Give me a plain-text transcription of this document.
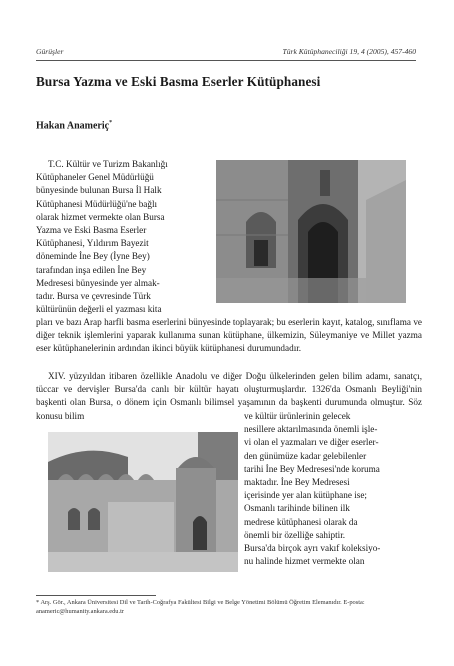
Gürüşler	Türk Kütüphaneciliği 19, 4 (2005), 457-460
Bursa Yazma ve Eski Basma Eserler Kütüphanesi
Hakan Anameriç*

T.C. Kültür ve Turizm Bakanlığı

Kütüphaneler Genel Müdürlüğü

bünyesinde bulunan Bursa İl Halk

Kütüphanesi Müdürlüğü'ne bağlı

olarak hizmet vermekte olan Bursa

Yazma ve Eski Basma Eserler

Kütüphanesi, Yıldırım Bayezit

döneminde İne Bey (İyne Bey)

tarafından inşa edilen İne Bey

Medresesi bünyesinde yer almak-

tadır. Bursa ve çevresinde Türk

kültürünün değerli el yazması kita

pları ve bazı Arap harfli basma eserlerini bünyesinde toplayarak; bu eserlerin kayıt, katalog, sınıflama ve diğer teknik işlemlerini yaparak kullanıma sunan kütüphane, ülkemizin, Süleymaniye ve Millet yazma eser kütüphanelerinin ardından ikinci büyük kütüphanesi durumundadır.
XIV. yüzyıldan itibaren özellikle Anadolu ve diğer Doğu ülkelerinden gelen bilim adamı, sanatçı, tüccar ve dervişler Bursa'da canlı bir kültür hayatı oluşturmuşlardır. 1326'da Osmanlı Beyliği'nin başkenti olan Bursa, o dönem için Osmanlı bilimsel yaşamının da başkenti durumunda olmuştur. Söz konusu bilim	ve kültür ürünlerinin gelecek

nesillere aktarılmasında önemli işle-

vi olan el yazmaları ve diğer eserler-

den günümüze kadar gelebilenler

tarihi İne Bey Medresesi'nde koruma

maktadır. İne Bey Medresesi

içerisinde yer alan kütüphane ise;

Osmanlı tarihinde bilinen ilk

medrese kütüphanesi olarak da

önemli bir özelliğe sahiptir.

Bursa'da birçok ayrı vakıf koleksiyo-

nu halinde hizmet vermekte olan

* Arş. Gör., Ankara Üniversitesi Dil ve Tarih-Coğrafya Fakültesi Bilgi ve Belge Yönetimi Bölümü Öğretim Elemanıdır. E-posta: anameric@humanity.ankara.edu.tr
